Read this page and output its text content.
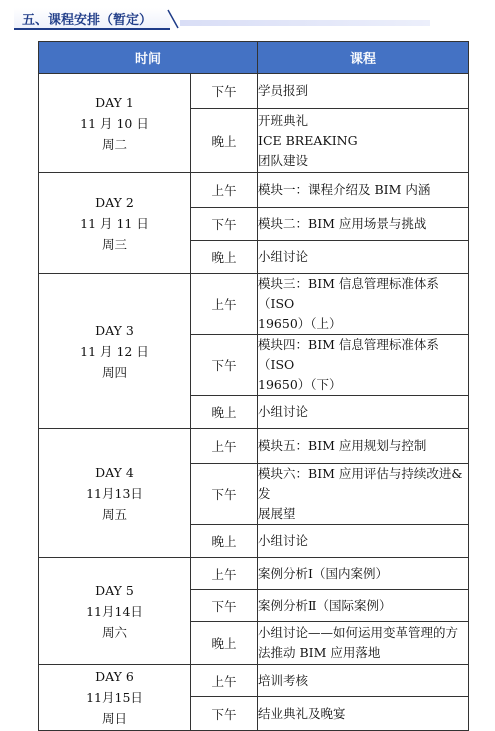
五、课程安排（暂定）
时间		课程

DAY 1
11 月 10 日
周二	下午	学员报到

	晚上	开班典礼
ICE BREAKING
团队建设

DAY 2
11 月 11 日
周三	上午	模块一：课程介绍及 BIM 内涵

	下午	模块二：BIM 应用场景与挑战

	晚上	小组讨论

DAY 3
11 月 12 日
周四	上午	模块三：BIM 信息管理标准体系（ISO
19650）（上）

	下午	模块四：BIM 信息管理标准体系（ISO
19650）（下）

	晚上	小组讨论

DAY 4
11月13日
周五	上午	模块五：BIM 应用规划与控制

	下午	模块六：BIM 应用评估与持续改进&发
展展望

	晚上	小组讨论

DAY 5
11月14日
周六	上午	案例分析Ⅰ（国内案例）

	下午	案例分析Ⅱ（国际案例）

	晚上	小组讨论——如何运用变革管理的方
法推动 BIM 应用落地

DAY 6
11月15日
周日	上午	培训考核

	下午	结业典礼及晚宴
